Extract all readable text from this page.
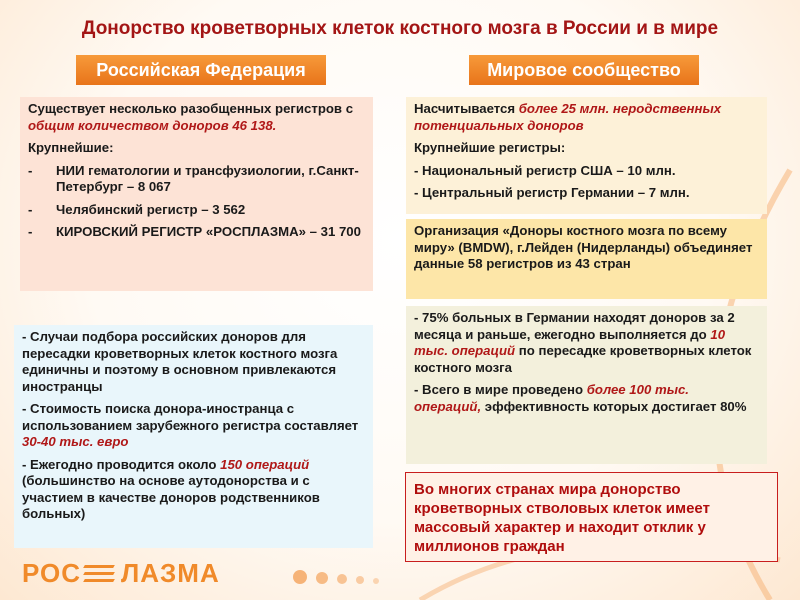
Донорство кроветворных клеток костного мозга в России и в мире
Российская Федерация	Мировое сообщество

Существует несколько разобщенных регистров с общим количеством доноров 46 138.

Крупнейшие:

-	НИИ гематологии и трансфузиологии, г.Санкт-Петербург – 8 067
-	Челябинский регистр – 3 562
-	КИРОВСКИЙ РЕГИСТР «РОСПЛАЗМА» – 31 700

- Случаи подбора российских доноров для пересадки кроветворных клеток костного мозга единичны и поэтому в основном привлекаются иностранцы

- Стоимость поиска донора-иностранца с использованием зарубежного регистра составляет 30-40 тыс. евро

- Ежегодно проводится около 150 операций (большинство на основе аутодонорства и с участием в качестве доноров родственников больных)

Насчитывается более 25 млн. неродственных потенциальных доноров

Крупнейшие регистры:

- Национальный регистр США – 10 млн.

- Центральный регистр Германии – 7 млн.

Организация «Доноры костного мозга по всему миру» (BMDW), г.Лейден (Нидерланды) объединяет данные 58 регистров из 43 стран

- 75% больных в Германии находят доноров за 2 месяца и раньше, ежегодно выполняется до 10 тыс. операций по пересадке кроветворных клеток костного мозга

- Всего в мире проведено более 100 тыс. операций, эффективность которых достигает 80%

Во многих странах мира донорство кроветворных стволовых клеток имеет массовый характер и находит отклик у миллионов граждан
РОС ЛАЗМА
